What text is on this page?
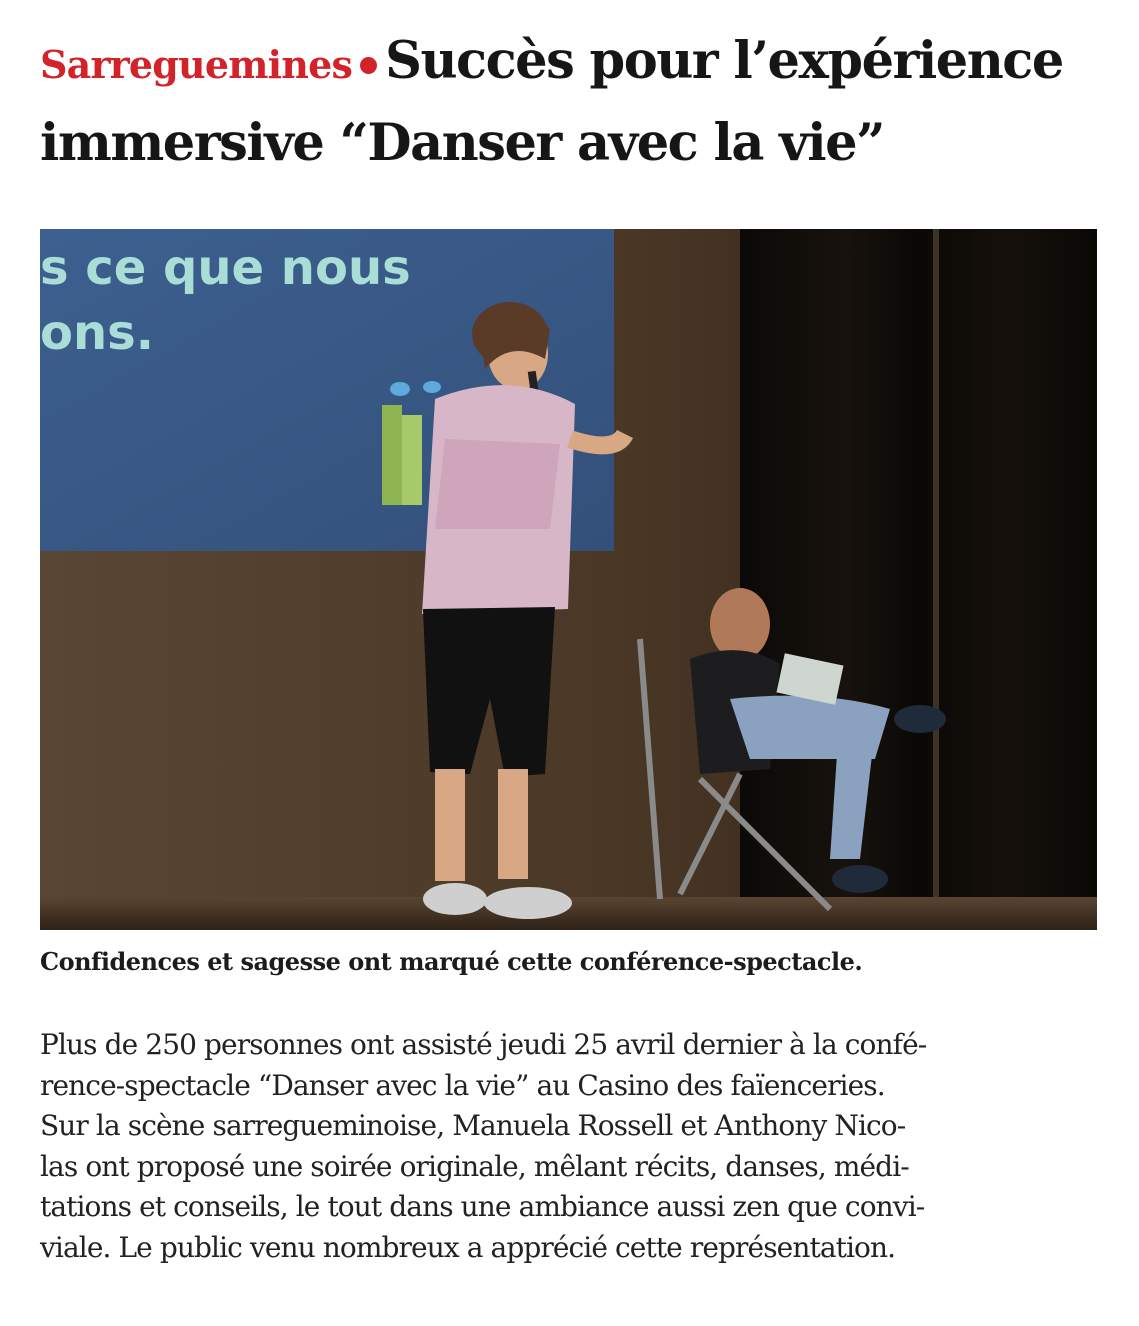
Sarreguemines Succès pour l’expérience
immersive “Danser avec la vie”
s ce que nous
ons.

Confidences et sagesse ont marqué cette conférence-spectacle.

Plus de 250 personnes ont assisté jeudi 25 avril dernier à la confé-
rence-spectacle “Danser avec la vie” au Casino des faïenceries.
Sur la scène sarregueminoise, Manuela Rossell et Anthony Nico-
las ont proposé une soirée originale, mêlant récits, danses, médi-
tations et conseils, le tout dans une ambiance aussi zen que convi-
viale. Le public venu nombreux a apprécié cette représentation.
